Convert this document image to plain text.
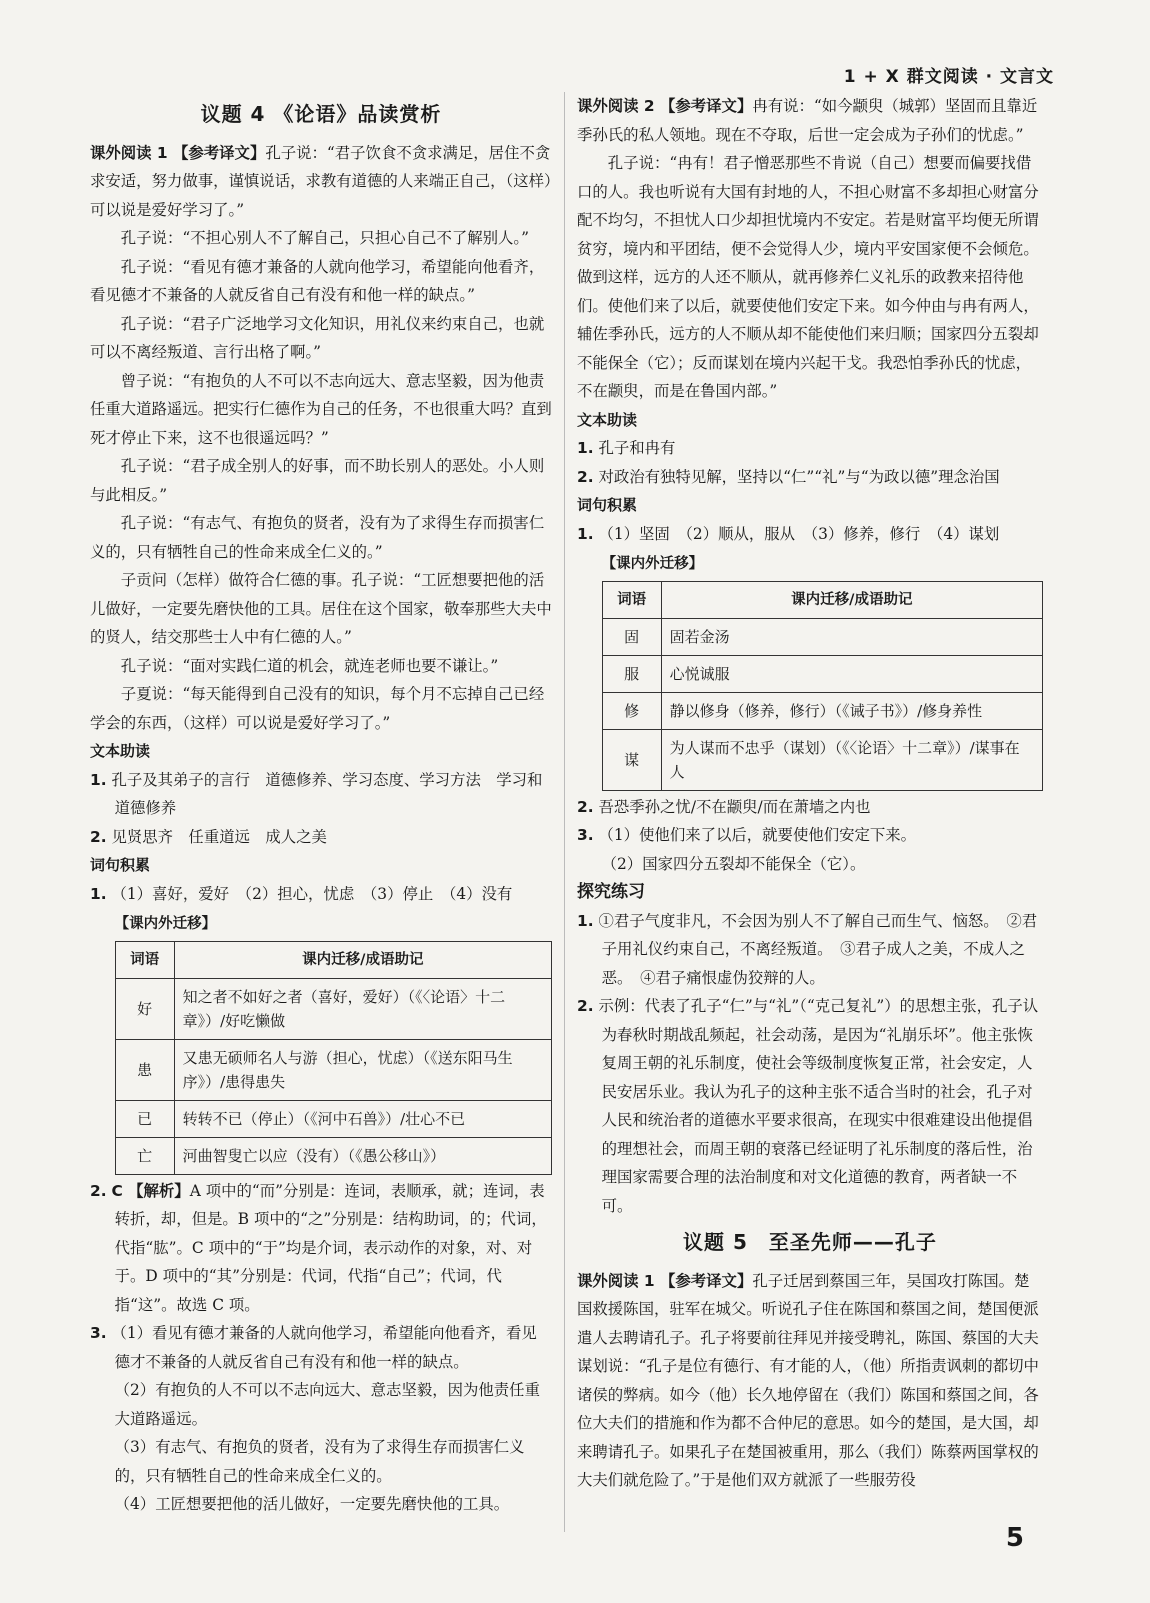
1 + X 群文阅读 · 文言文
议题 4 《论语》品读赏析

课外阅读 1 【参考译文】孔子说：“君子饮食不贪求满足，居住不贪求安适，努力做事，谨慎说话，求教有道德的人来端正自己，（这样）可以说是爱好学习了。”

孔子说：“不担心别人不了解自己，只担心自己不了解别人。”

孔子说：“看见有德才兼备的人就向他学习，希望能向他看齐，看见德才不兼备的人就反省自己有没有和他一样的缺点。”

孔子说：“君子广泛地学习文化知识，用礼仪来约束自己，也就可以不离经叛道、言行出格了啊。”

曾子说：“有抱负的人不可以不志向远大、意志坚毅，因为他责任重大道路遥远。把实行仁德作为自己的任务，不也很重大吗？直到死才停止下来，这不也很遥远吗？”

孔子说：“君子成全别人的好事，而不助长别人的恶处。小人则与此相反。”

孔子说：“有志气、有抱负的贤者，没有为了求得生存而损害仁义的，只有牺牲自己的性命来成全仁义的。”

子贡问（怎样）做符合仁德的事。孔子说：“工匠想要把他的活儿做好，一定要先磨快他的工具。居住在这个国家，敬奉那些大夫中的贤人，结交那些士人中有仁德的人。”

孔子说：“面对实践仁道的机会，就连老师也要不谦让。”

子夏说：“每天能得到自己没有的知识，每个月不忘掉自己已经学会的东西，（这样）可以说是爱好学习了。”

文本助读

1. 孔子及其弟子的言行　道德修养、学习态度、学习方法　学习和道德修养

2. 见贤思齐　任重道远　成人之美

词句积累

1. （1）喜好，爱好　（2）担心，忧虑　（3）停止　（4）没有

【课内外迁移】
词语	课内迁移/成语助记
好	知之者不如好之者（喜好，爱好）（《〈论语〉十二章》）/好吃懒做
患	又患无硕师名人与游（担心，忧虑）（《送东阳马生序》）/患得患失
已	转转不已（停止）（《河中石兽》）/壮心不已
亡	河曲智叟亡以应（没有）（《愚公移山》）

2. C 【解析】A 项中的“而”分别是：连词，表顺承，就；连词，表转折，却，但是。B 项中的“之”分别是：结构助词，的；代词，代指“肱”。C 项中的“于”均是介词，表示动作的对象，对、对于。D 项中的“其”分别是：代词，代指“自己”；代词，代指“这”。故选 C 项。

3. （1）看见有德才兼备的人就向他学习，希望能向他看齐，看见德才不兼备的人就反省自己有没有和他一样的缺点。

（2）有抱负的人不可以不志向远大、意志坚毅，因为他责任重大道路遥远。

（3）有志气、有抱负的贤者，没有为了求得生存而损害仁义的，只有牺牲自己的性命来成全仁义的。

（4）工匠想要把他的活儿做好，一定要先磨快他的工具。

课外阅读 2 【参考译文】冉有说：“如今颛臾（城郭）坚固而且靠近季孙氏的私人领地。现在不夺取，后世一定会成为子孙们的忧虑。”

孔子说：“冉有！君子憎恶那些不肯说（自己）想要而偏要找借口的人。我也听说有大国有封地的人，不担心财富不多却担心财富分配不均匀，不担忧人口少却担忧境内不安定。若是财富平均便无所谓贫穷，境内和平团结，便不会觉得人少，境内平安国家便不会倾危。做到这样，远方的人还不顺从，就再修养仁义礼乐的政教来招待他们。使他们来了以后，就要使他们安定下来。如今仲由与冉有两人，辅佐季孙氏，远方的人不顺从却不能使他们来归顺；国家四分五裂却不能保全（它）；反而谋划在境内兴起干戈。我恐怕季孙氏的忧虑，不在颛臾，而是在鲁国内部。”

文本助读

1. 孔子和冉有

2. 对政治有独特见解，坚持以“仁”“礼”与“为政以德”理念治国

词句积累

1. （1）坚固　（2）顺从，服从　（3）修养，修行　（4）谋划

【课内外迁移】
词语	课内迁移/成语助记
固	固若金汤
服	心悦诚服
修	静以修身（修养，修行）（《诫子书》）/修身养性
谋	为人谋而不忠乎（谋划）（《〈论语〉十二章》）/谋事在人

2. 吾恐季孙之忧/不在颛臾/而在萧墙之内也

3. （1）使他们来了以后，就要使他们安定下来。

（2）国家四分五裂却不能保全（它）。

探究练习

1. ①君子气度非凡，不会因为别人不了解自己而生气、恼怒。　②君子用礼仪约束自己，不离经叛道。　③君子成人之美，不成人之恶。　④君子痛恨虚伪狡辩的人。

2. 示例：代表了孔子“仁”与“礼”（“克己复礼”）的思想主张，孔子认为春秋时期战乱频起，社会动荡，是因为“礼崩乐坏”。他主张恢复周王朝的礼乐制度，使社会等级制度恢复正常，社会安定，人民安居乐业。我认为孔子的这种主张不适合当时的社会，孔子对人民和统治者的道德水平要求很高，在现实中很难建设出他提倡的理想社会，而周王朝的衰落已经证明了礼乐制度的落后性，治理国家需要合理的法治制度和对文化道德的教育，两者缺一不可。

议题 5　至圣先师——孔子

课外阅读 1 【参考译文】孔子迁居到蔡国三年，吴国攻打陈国。楚国救援陈国，驻军在城父。听说孔子住在陈国和蔡国之间，楚国便派遣人去聘请孔子。孔子将要前往拜见并接受聘礼，陈国、蔡国的大夫谋划说：“孔子是位有德行、有才能的人，（他）所指责讽刺的都切中诸侯的弊病。如今（他）长久地停留在（我们）陈国和蔡国之间，各位大夫们的措施和作为都不合仲尼的意思。如今的楚国，是大国，却来聘请孔子。如果孔子在楚国被重用，那么（我们）陈蔡两国掌权的大夫们就危险了。”于是他们双方就派了一些服劳役

5
